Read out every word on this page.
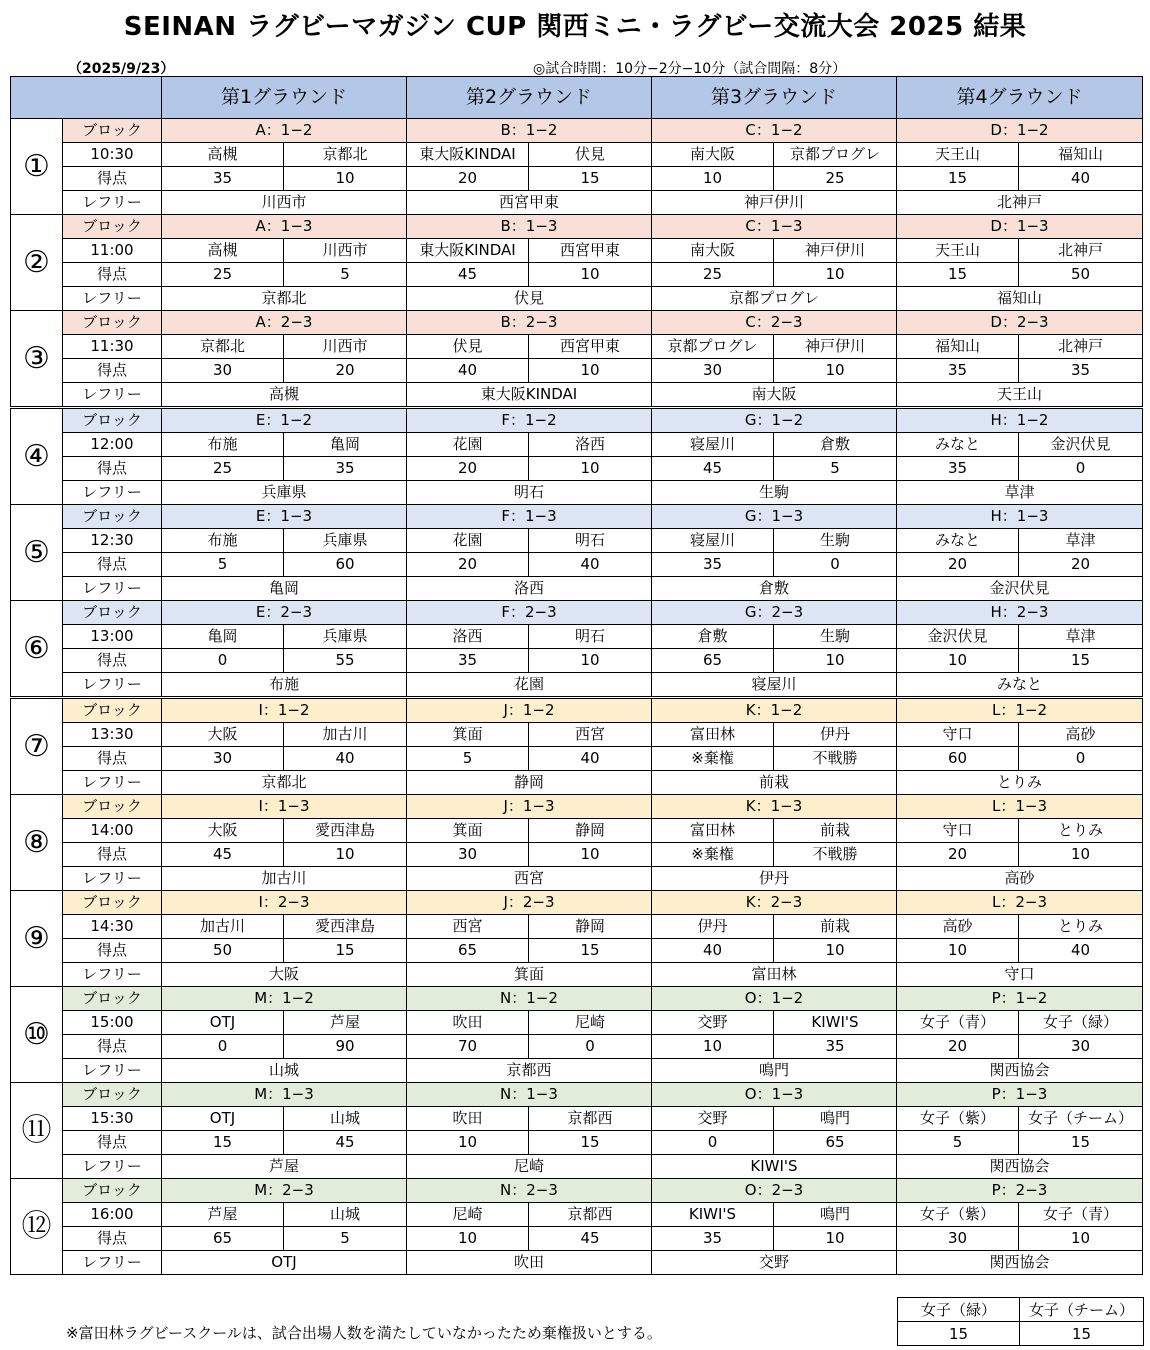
SEINAN ラグビーマガジン CUP 関西ミニ・ラグビー交流大会 2025 結果
（2025/9/23）	◎試合時間：10分−2分−10分（試合間隔：8分）
		第1グラウンド		第2グラウンド		第3グラウンド		第4グラウンド	
①	ブロック	A：1−2		B：1−2		C：1−2		D：1−2	
	10:30	高槻	京都北	東大阪KINDAI	伏見	南大阪	京都プログレ	天王山	福知山
	得点	35	10	20	15	10	25	15	40
	レフリー	川西市		西宮甲東		神戸伊川		北神戸	
②	ブロック	A：1−3		B：1−3		C：1−3		D：1−3	
	11:00	高槻	川西市	東大阪KINDAI	西宮甲東	南大阪	神戸伊川	天王山	北神戸
	得点	25	5	45	10	25	10	15	50
	レフリー	京都北		伏見		京都プログレ		福知山	
③	ブロック	A：2−3		B：2−3		C：2−3		D：2−3	
	11:30	京都北	川西市	伏見	西宮甲東	京都プログレ	神戸伊川	福知山	北神戸
	得点	30	20	40	10	30	10	35	35
	レフリー	高槻		東大阪KINDAI		南大阪		天王山	
④	ブロック	E：1−2		F：1−2		G：1−2		H：1−2	
	12:00	布施	亀岡	花園	洛西	寝屋川	倉敷	みなと	金沢伏見
	得点	25	35	20	10	45	5	35	0
	レフリー	兵庫県		明石		生駒		草津	
⑤	ブロック	E：1−3		F：1−3		G：1−3		H：1−3	
	12:30	布施	兵庫県	花園	明石	寝屋川	生駒	みなと	草津
	得点	5	60	20	40	35	0	20	20
	レフリー	亀岡		洛西		倉敷		金沢伏見	
⑥	ブロック	E：2−3		F：2−3		G：2−3		H：2−3	
	13:00	亀岡	兵庫県	洛西	明石	倉敷	生駒	金沢伏見	草津
	得点	0	55	35	10	65	10	10	15
	レフリー	布施		花園		寝屋川		みなと	
⑦	ブロック	I：1−2		J：1−2		K：1−2		L：1−2	
	13:30	大阪	加古川	箕面	西宮	富田林	伊丹	守口	高砂
	得点	30	40	5	40	※棄権	不戦勝	60	0
	レフリー	京都北		静岡		前栽		とりみ	
⑧	ブロック	I：1−3		J：1−3		K：1−3		L：1−3	
	14:00	大阪	愛西津島	箕面	静岡	富田林	前栽	守口	とりみ
	得点	45	10	30	10	※棄権	不戦勝	20	10
	レフリー	加古川		西宮		伊丹		高砂	
⑨	ブロック	I：2−3		J：2−3		K：2−3		L：2−3	
	14:30	加古川	愛西津島	西宮	静岡	伊丹	前栽	高砂	とりみ
	得点	50	15	65	15	40	10	10	40
	レフリー	大阪		箕面		富田林		守口	
⑩	ブロック	M：1−2		N：1−2		O：1−2		P：1−2	
	15:00	OTJ	芦屋	吹田	尼崎	交野	KIWI'S	女子（青）	女子（緑）
	得点	0	90	70	0	10	35	20	30
	レフリー	山城		京都西		鳴門		関西協会	
⑪	ブロック	M：1−3		N：1−3		O：1−3		P：1−3	
	15:30	OTJ	山城	吹田	京都西	交野	鳴門	女子（紫）	女子（チーム）
	得点	15	45	10	15	0	65	5	15
	レフリー	芦屋		尼崎		KIWI'S		関西協会	
⑫	ブロック	M：2−3		N：2−3		O：2−3		P：2−3	
	16:00	芦屋	山城	尼崎	京都西	KIWI'S	鳴門	女子（紫）	女子（青）
	得点	65	5	10	45	35	10	30	10
	レフリー	OTJ		吹田		交野		関西協会	
女子（緑）	女子（チーム）
15	15
※富田林ラグビースクールは、試合出場人数を満たしていなかったため棄権扱いとする。
